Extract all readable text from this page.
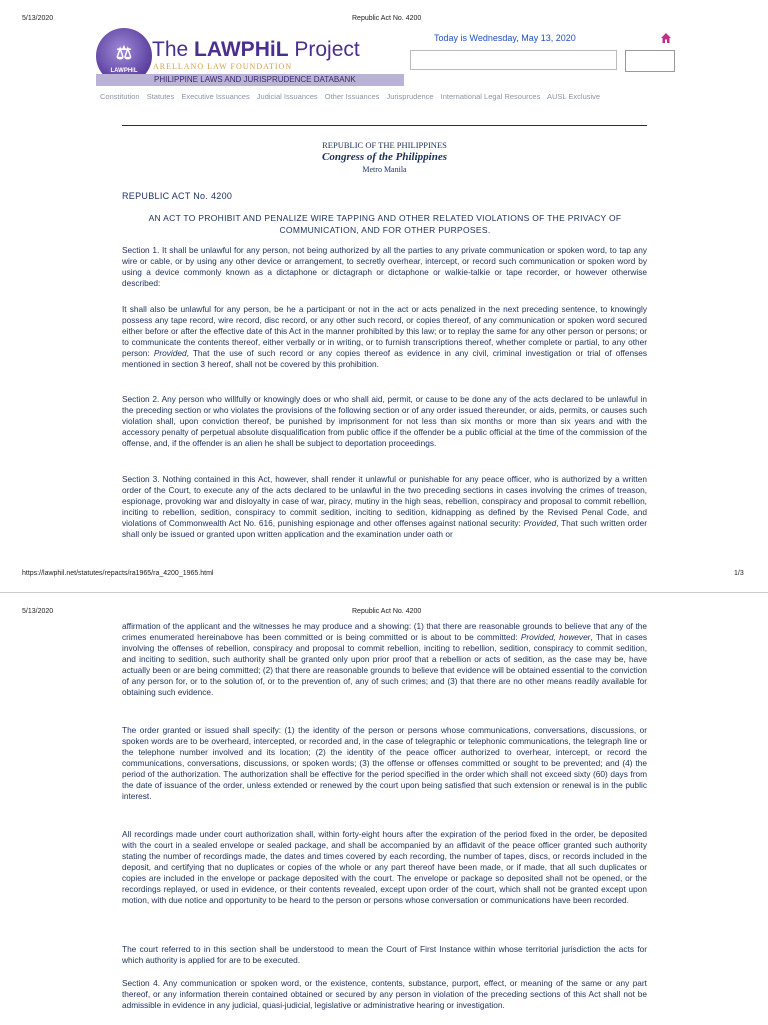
5/13/2020	Republic Act No. 4200
⚖
LAWPHiL
The LAWPHiL Project
ARELLANO LAW FOUNDATION
PHILIPPINE LAWS AND JURISPRUDENCE DATABANK
Today is Wednesday, May 13, 2020
Constitution Statutes Executive Issuances Judicial Issuances Other Issuances Jurisprudence International Legal Resources AUSL Exclusive
REPUBLIC OF THE PHILIPPINES
Congress of the Philippines
Metro Manila
REPUBLIC ACT No. 4200
AN ACT TO PROHIBIT AND PENALIZE WIRE TAPPING AND OTHER RELATED VIOLATIONS OF THE PRIVACY OF COMMUNICATION, AND FOR OTHER PURPOSES.
Section 1. It shall be unlawful for any person, not being authorized by all the parties to any private communication or spoken word, to tap any wire or cable, or by using any other device or arrangement, to secretly overhear, intercept, or record such communication or spoken word by using a device commonly known as a dictaphone or dictagraph or dictaphone or walkie-talkie or tape recorder, or however otherwise described:
It shall also be unlawful for any person, be he a participant or not in the act or acts penalized in the next preceding sentence, to knowingly possess any tape record, wire record, disc record, or any other such record, or copies thereof, of any communication or spoken word secured either before or after the effective date of this Act in the manner prohibited by this law; or to replay the same for any other person or persons; or to communicate the contents thereof, either verbally or in writing, or to furnish transcriptions thereof, whether complete or partial, to any other person: Provided, That the use of such record or any copies thereof as evidence in any civil, criminal investigation or trial of offenses mentioned in section 3 hereof, shall not be covered by this prohibition.
Section 2. Any person who willfully or knowingly does or who shall aid, permit, or cause to be done any of the acts declared to be unlawful in the preceding section or who violates the provisions of the following section or of any order issued thereunder, or aids, permits, or causes such violation shall, upon conviction thereof, be punished by imprisonment for not less than six months or more than six years and with the accessory penalty of perpetual absolute disqualification from public office if the offender be a public official at the time of the commission of the offense, and, if the offender is an alien he shall be subject to deportation proceedings.
Section 3. Nothing contained in this Act, however, shall render it unlawful or punishable for any peace officer, who is authorized by a written order of the Court, to execute any of the acts declared to be unlawful in the two preceding sections in cases involving the crimes of treason, espionage, provoking war and disloyalty in case of war, piracy, mutiny in the high seas, rebellion, conspiracy and proposal to commit rebellion, inciting to rebellion, sedition, conspiracy to commit sedition, inciting to sedition, kidnapping as defined by the Revised Penal Code, and violations of Commonwealth Act No. 616, punishing espionage and other offenses against national security: Provided, That such written order shall only be issued or granted upon written application and the examination under oath or
https://lawphil.net/statutes/repacts/ra1965/ra_4200_1965.html	1/3
5/13/2020	Republic Act No. 4200
affirmation of the applicant and the witnesses he may produce and a showing: (1) that there are reasonable grounds to believe that any of the crimes enumerated hereinabove has been committed or is being committed or is about to be committed: Provided, however, That in cases involving the offenses of rebellion, conspiracy and proposal to commit rebellion, inciting to rebellion, sedition, conspiracy to commit sedition, and inciting to sedition, such authority shall be granted only upon prior proof that a rebellion or acts of sedition, as the case may be, have actually been or are being committed; (2) that there are reasonable grounds to believe that evidence will be obtained essential to the conviction of any person for, or to the solution of, or to the prevention of, any of such crimes; and (3) that there are no other means readily available for obtaining such evidence.
The order granted or issued shall specify: (1) the identity of the person or persons whose communications, conversations, discussions, or spoken words are to be overheard, intercepted, or recorded and, in the case of telegraphic or telephonic communications, the telegraph line or the telephone number involved and its location; (2) the identity of the peace officer authorized to overhear, intercept, or record the communications, conversations, discussions, or spoken words; (3) the offense or offenses committed or sought to be prevented; and (4) the period of the authorization. The authorization shall be effective for the period specified in the order which shall not exceed sixty (60) days from the date of issuance of the order, unless extended or renewed by the court upon being satisfied that such extension or renewal is in the public interest.
All recordings made under court authorization shall, within forty-eight hours after the expiration of the period fixed in the order, be deposited with the court in a sealed envelope or sealed package, and shall be accompanied by an affidavit of the peace officer granted such authority stating the number of recordings made, the dates and times covered by each recording, the number of tapes, discs, or records included in the deposit, and certifying that no duplicates or copies of the whole or any part thereof have been made, or if made, that all such duplicates or copies are included in the envelope or package deposited with the court. The envelope or package so deposited shall not be opened, or the recordings replayed, or used in evidence, or their contents revealed, except upon order of the court, which shall not be granted except upon motion, with due notice and opportunity to be heard to the person or persons whose conversation or communications have been recorded.
The court referred to in this section shall be understood to mean the Court of First Instance within whose territorial jurisdiction the acts for which authority is applied for are to be executed.
Section 4. Any communication or spoken word, or the existence, contents, substance, purport, effect, or meaning of the same or any part thereof, or any information therein contained obtained or secured by any person in violation of the preceding sections of this Act shall not be admissible in evidence in any judicial, quasi-judicial, legislative or administrative hearing or investigation.
